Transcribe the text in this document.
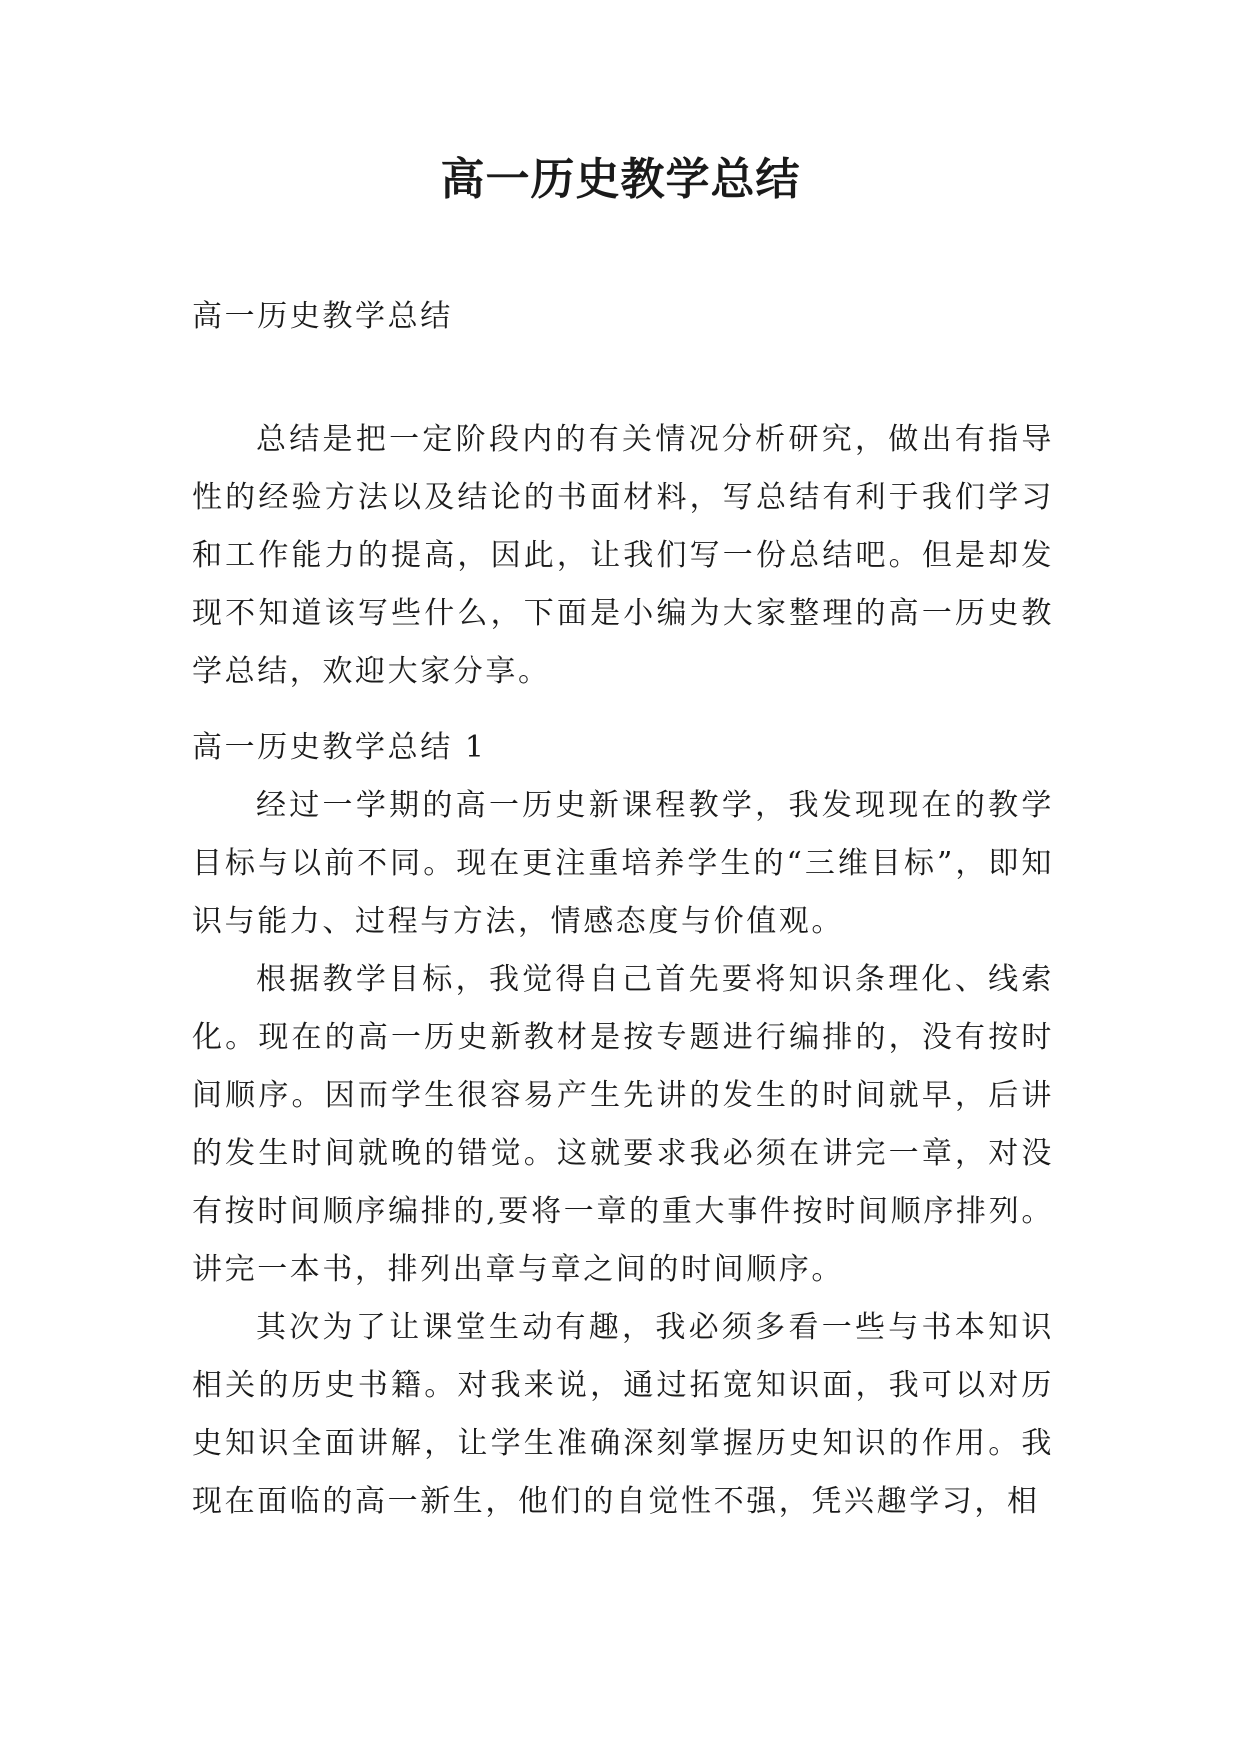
高一历史教学总结

高一历史教学总结

总结是把一定阶段内的有关情况分析研究，做出有指导性的经验方法以及结论的书面材料，写总结有利于我们学习和工作能力的提高，因此，让我们写一份总结吧。但是却发现不知道该写些什么，下面是小编为大家整理的高一历史教学总结，欢迎大家分享。

高一历史教学总结 1

经过一学期的高一历史新课程教学，我发现现在的教学目标与以前不同。现在更注重培养学生的“三维目标”，即知识与能力、过程与方法，情感态度与价值观。

根据教学目标，我觉得自己首先要将知识条理化、线索化。现在的高一历史新教材是按专题进行编排的，没有按时间顺序。因而学生很容易产生先讲的发生的时间就早，后讲的发生时间就晚的错觉。这就要求我必须在讲完一章，对没有按时间顺序编排的,要将一章的重大事件按时间顺序排列。讲完一本书，排列出章与章之间的时间顺序。

其次为了让课堂生动有趣，我必须多看一些与书本知识相关的历史书籍。对我来说，通过拓宽知识面，我可以对历史知识全面讲解，让学生准确深刻掌握历史知识的作用。我现在面临的高一新生，他们的自觉性不强，凭兴趣学习，相
